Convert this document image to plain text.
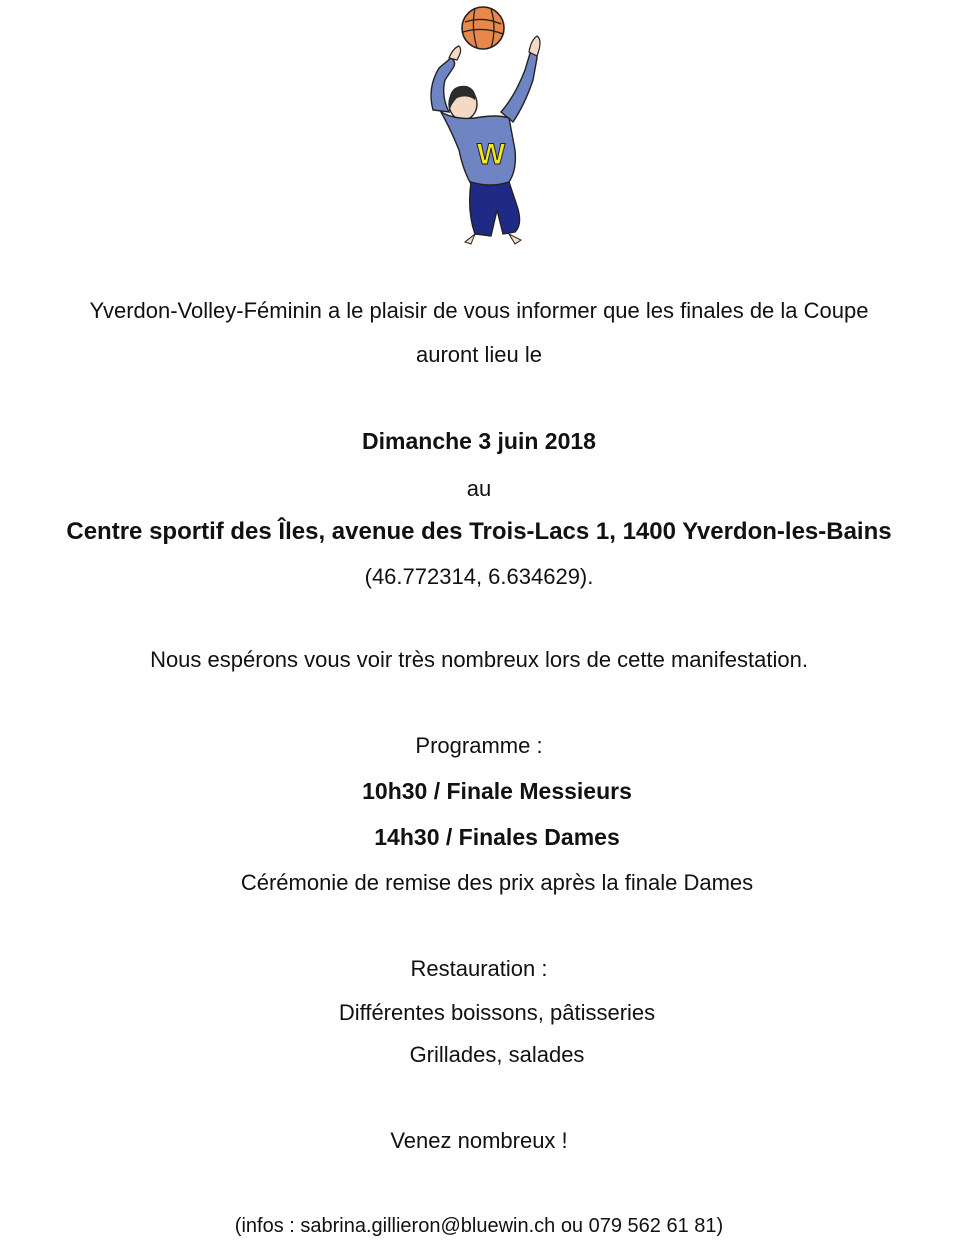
W
Yverdon-Volley-Féminin a le plaisir de vous informer que les finales de la Coupe
auront lieu le
Dimanche 3 juin 2018
au
Centre sportif des Îles, avenue des Trois-Lacs 1, 1400 Yverdon-les-Bains
(46.772314, 6.634629).
Nous espérons vous voir très nombreux lors de cette manifestation.
Programme :
10h30 / Finale Messieurs
14h30 / Finales Dames
Cérémonie de remise des prix après la finale Dames
Restauration :
Différentes boissons, pâtisseries
Grillades, salades
Venez nombreux !
(infos : sabrina.gillieron@bluewin.ch ou 079 562 61 81)
